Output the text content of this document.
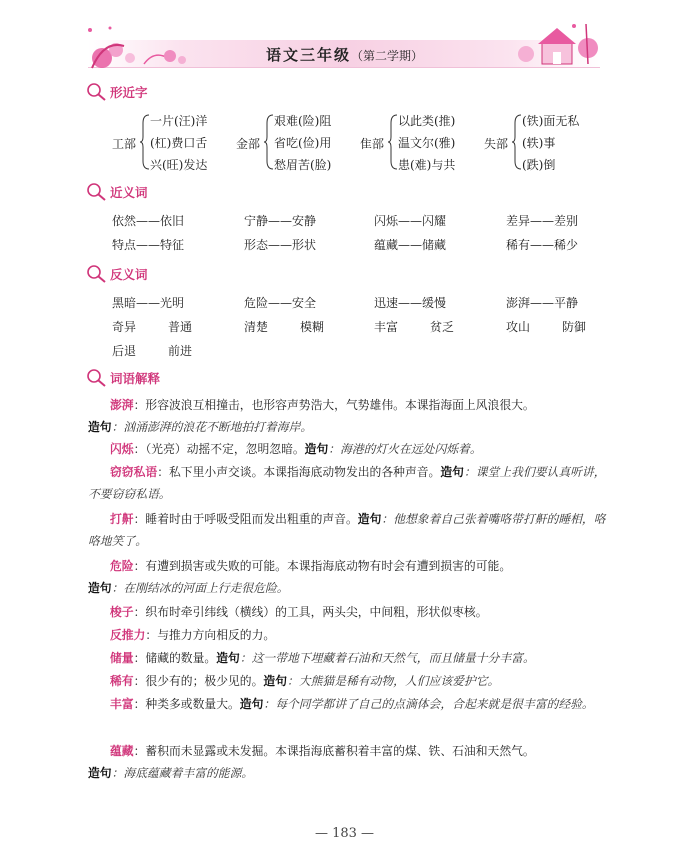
语文三年级（第二学期）
形近字
工部
一片(汪)洋
(杠)费口舌
兴(旺)发达
金部
艰难(险)阻
省吃(俭)用
愁眉苦(脸)
隹部
以此类(推)
温文尔(雅)
患(难)与共
失部
(铁)面无私
(轶)事
(跌)倒
近义词
依然——依旧	宁静——安静	闪烁——闪耀	差异——差别
特点——特征	形态——形状	蕴藏——储藏	稀有——稀少
反义词
黑暗——光明	危险——安全	迅速——缓慢	澎湃——平静
奇异	普通	清楚	模糊	丰富	贫乏	攻山	防御
后退	前进
词语解释
澎湃：形容波浪互相撞击，也形容声势浩大，气势雄伟。本课指海面上风浪很大。
造句：汹涌澎湃的浪花不断地拍打着海岸。
闪烁：（光亮）动摇不定，忽明忽暗。造句：海港的灯火在远处闪烁着。
窃窃私语：私下里小声交谈。本课指海底动物发出的各种声音。造句：课堂上我们要认真听讲，不要窃窃私语。
打鼾：睡着时由于呼吸受阻而发出粗重的声音。造句：他想象着自己张着嘴咯带打鼾的睡相，咯咯地笑了。
危险：有遭到损害或失败的可能。本课指海底动物有时会有遭到损害的可能。
造句：在刚结冰的河面上行走很危险。
梭子：织布时牵引纬线（横线）的工具，两头尖，中间粗，形状似枣核。
反推力：与推力方向相反的力。
储量：储藏的数量。造句：这一带地下埋藏着石油和天然气，而且储量十分丰富。
稀有：很少有的；极少见的。造句：大熊猫是稀有动物，人们应该爱护它。
丰富：种类多或数量大。造句：每个同学都讲了自己的点滴体会，合起来就是很丰富的经验。
蕴藏：蓄积而未显露或未发掘。本课指海底蓄积着丰富的煤、铁、石油和天然气。
造句：海底蕴藏着丰富的能源。
— 183 —
